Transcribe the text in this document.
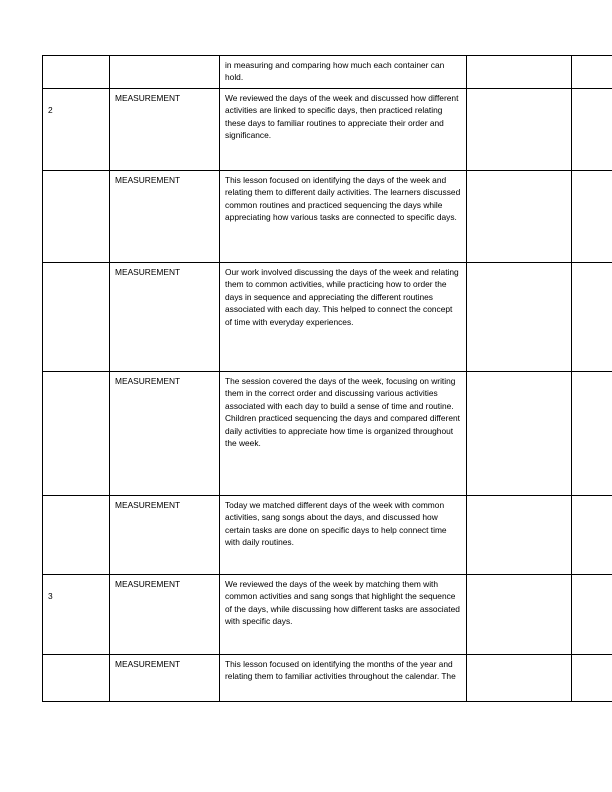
		in measuring and comparing how much each container can hold.		

2	MEASUREMENT	We reviewed the days of the week and discussed how different activities are linked to specific days, then practiced relating these days to familiar routines to appreciate their order and significance.		

	MEASUREMENT	This lesson focused on identifying the days of the week and relating them to different daily activities. The learners discussed common routines and practiced sequencing the days while appreciating how various tasks are connected to specific days.		

	MEASUREMENT	Our work involved discussing the days of the week and relating them to common activities, while practicing how to order the days in sequence and appreciating the different routines associated with each day. This helped to connect the concept of time with everyday experiences.		

	MEASUREMENT	The session covered the days of the week, focusing on writing them in the correct order and discussing various activities associated with each day to build a sense of time and routine. Children practiced sequencing the days and compared different daily activities to appreciate how time is organized throughout the week.		

	MEASUREMENT	Today we matched different days of the week with common activities, sang songs about the days, and discussed how certain tasks are done on specific days to help connect time with daily routines.		

3	MEASUREMENT	We reviewed the days of the week by matching them with common activities and sang songs that highlight the sequence of the days, while discussing how different tasks are associated with specific days.		

	MEASUREMENT	This lesson focused on identifying the months of the year and relating them to familiar activities throughout the calendar. The		
